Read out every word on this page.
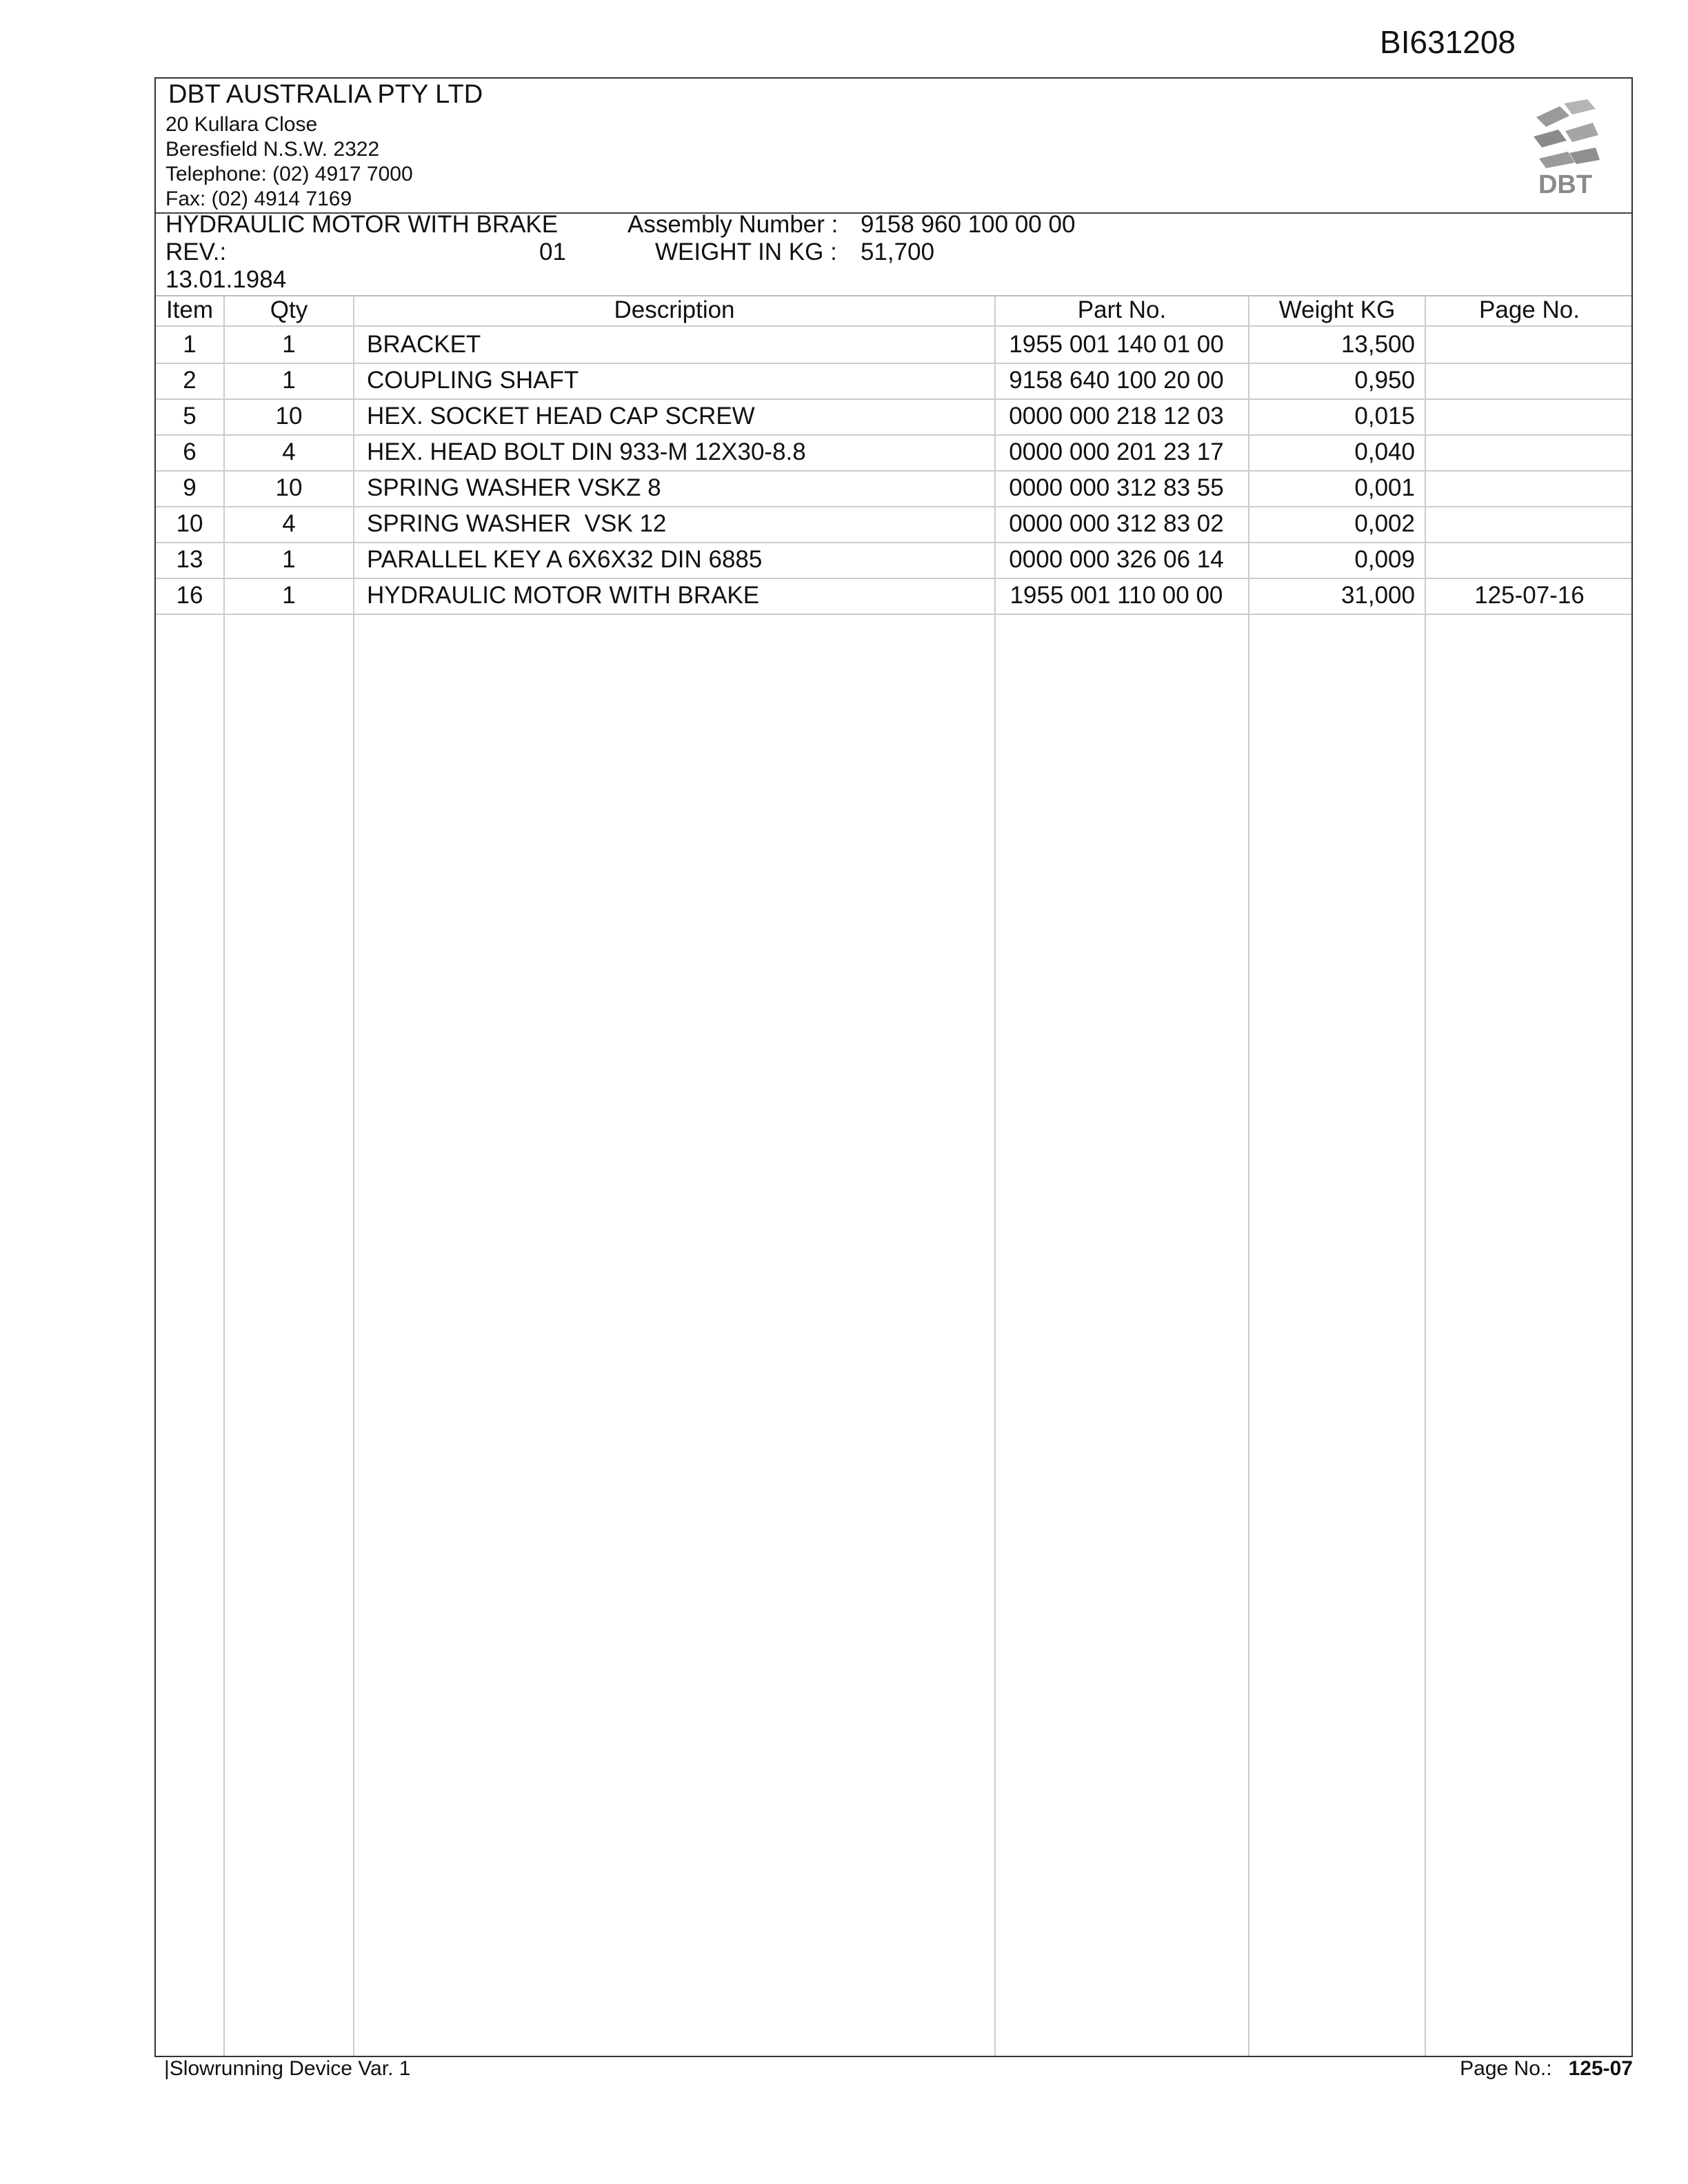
BI631208
DBT AUSTRALIA PTY LTD
20 Kullara Close
Beresfield N.S.W. 2322
Telephone: (02) 4917 7000
Fax: (02) 4914 7169	DBT
HYDRAULIC MOTOR WITH BRAKE	Assembly Number : 9158 960 100 00 00
REV.:	01	WEIGHT IN KG : 51,700
13.01.1984
Item	Qty	Description	Part No.	Weight KG	Page No.
1	1	BRACKET	1955 001 140 01 00	13,500
2	1	COUPLING SHAFT	9158 640 100 20 00	0,950
5	10	HEX. SOCKET HEAD CAP SCREW	0000 000 218 12 03	0,015
6	4	HEX. HEAD BOLT DIN 933-M 12X30-8.8	0000 000 201 23 17	0,040
9	10	SPRING WASHER VSKZ 8	0000 000 312 83 55	0,001
10	4	SPRING WASHER  VSK 12	0000 000 312 83 02	0,002
13	1	PARALLEL KEY A 6X6X32 DIN 6885	0000 000 326 06 14	0,009
16	1	HYDRAULIC MOTOR WITH BRAKE	1955 001 110 00 00	31,000	125-07-16
|Slowrunning Device Var. 1	Page No.: 125-07
